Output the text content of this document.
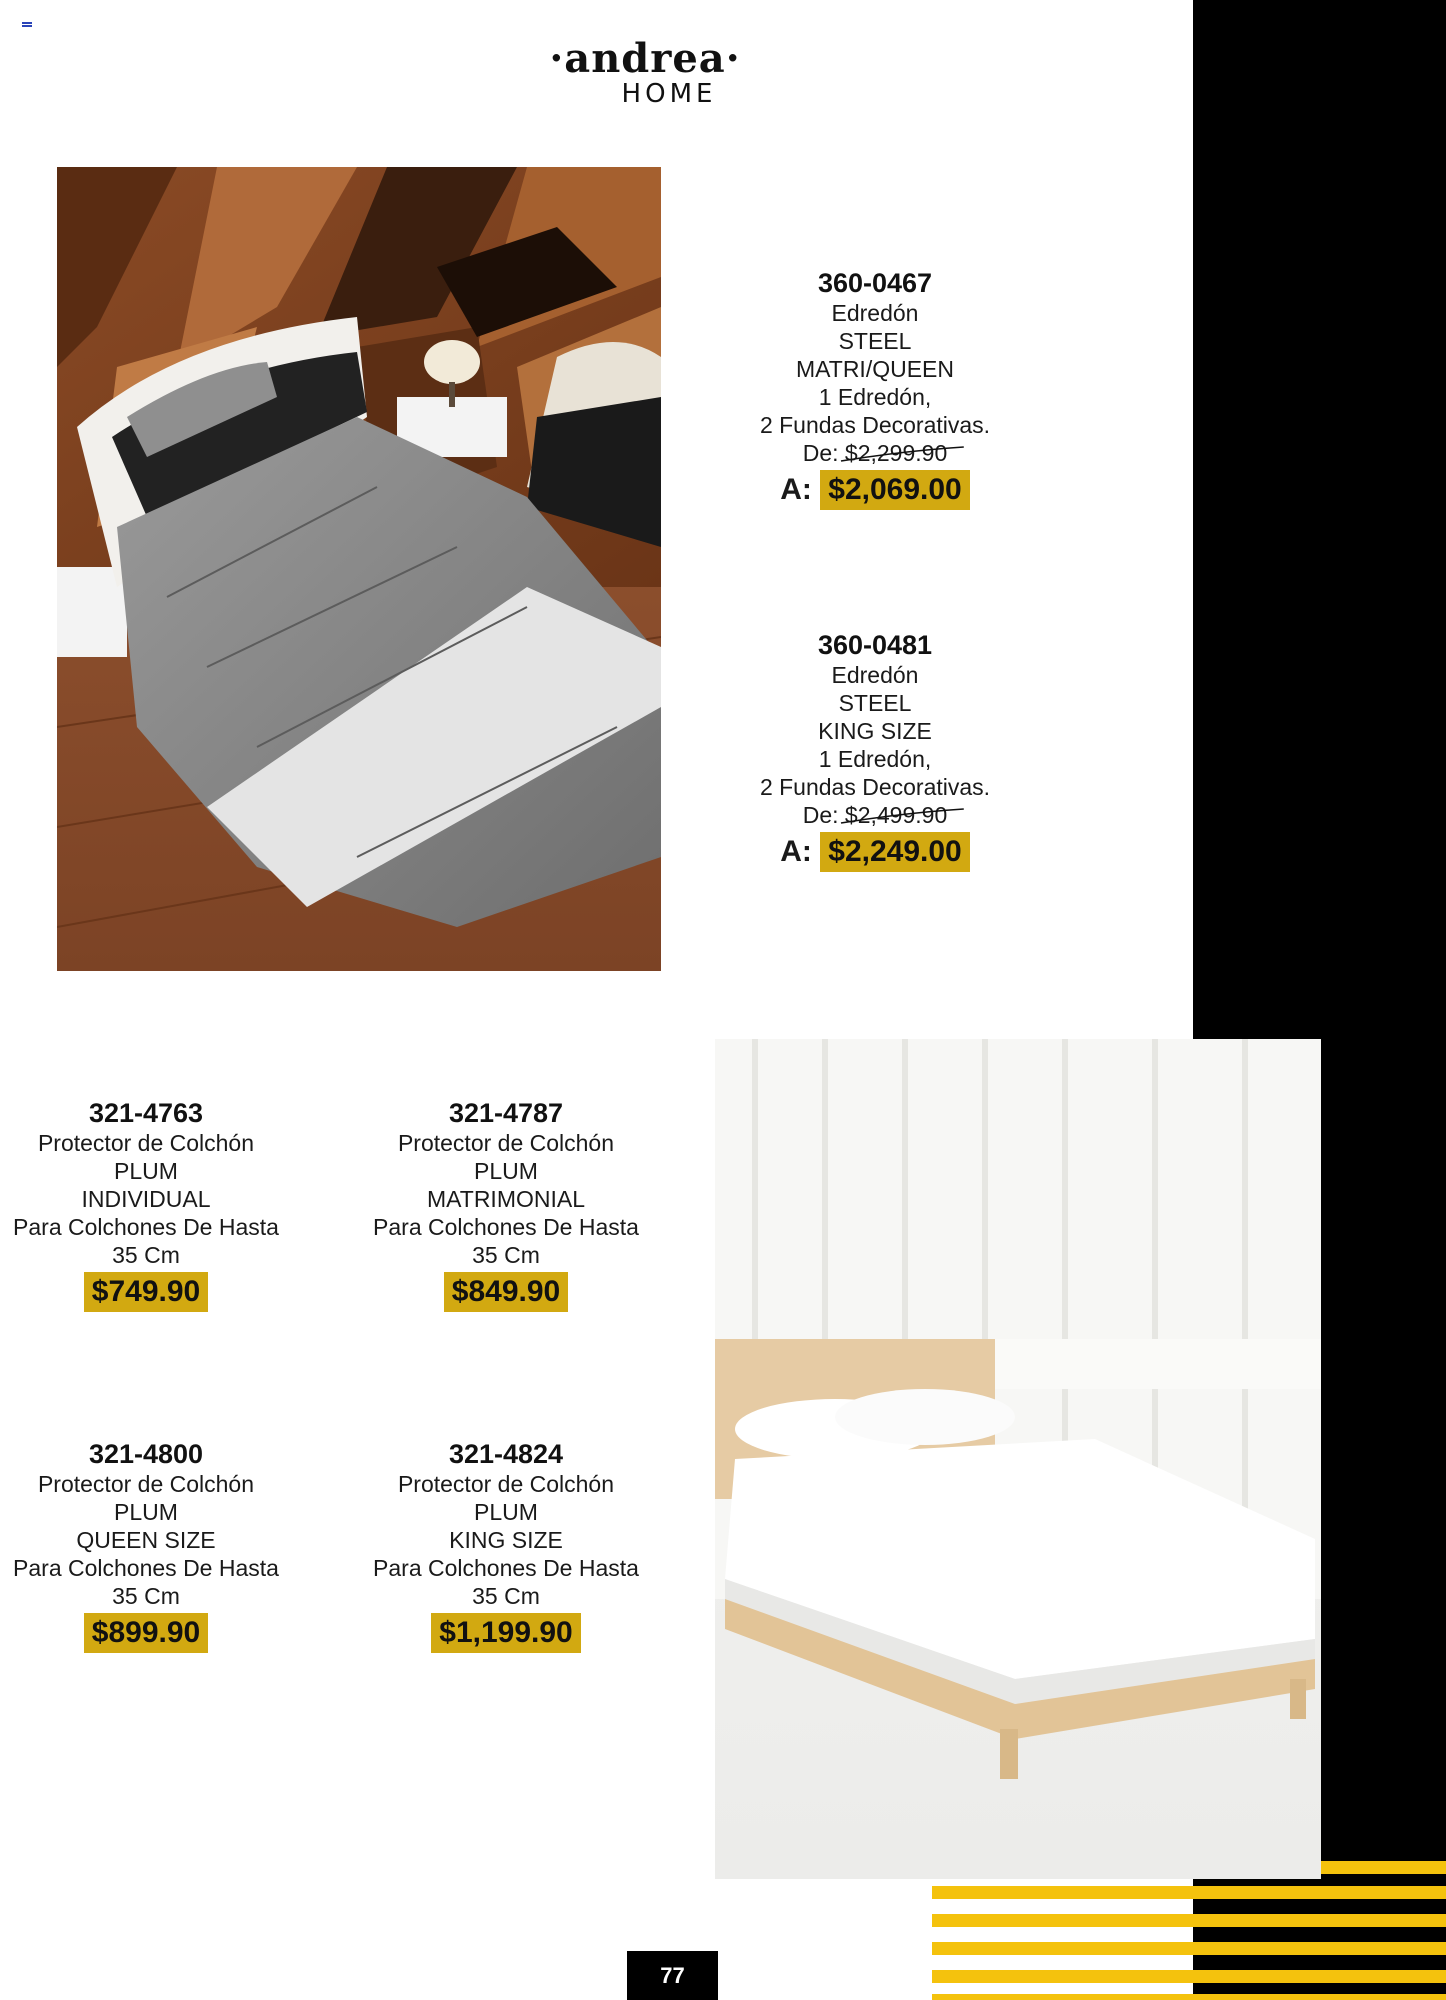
·andrea·
HOME
360-0467
Edredón
STEEL
MATRI/QUEEN
1 Edredón,
2 Fundas Decorativas.
De: $2,299.90
A: $2,069.00
360-0481
Edredón
STEEL
KING SIZE
1 Edredón,
2 Fundas Decorativas.
De: $2,499.90
A: $2,249.00
321-4763
Protector de Colchón
PLUM
INDIVIDUAL
Para Colchones De Hasta
35 Cm
$749.90
321-4787
Protector de Colchón
PLUM
MATRIMONIAL
Para Colchones De Hasta
35 Cm
$849.90
321-4800
Protector de Colchón
PLUM
QUEEN SIZE
Para Colchones De Hasta
35 Cm
$899.90
321-4824
Protector de Colchón
PLUM
KING SIZE
Para Colchones De Hasta
35 Cm
$1,199.90
77
